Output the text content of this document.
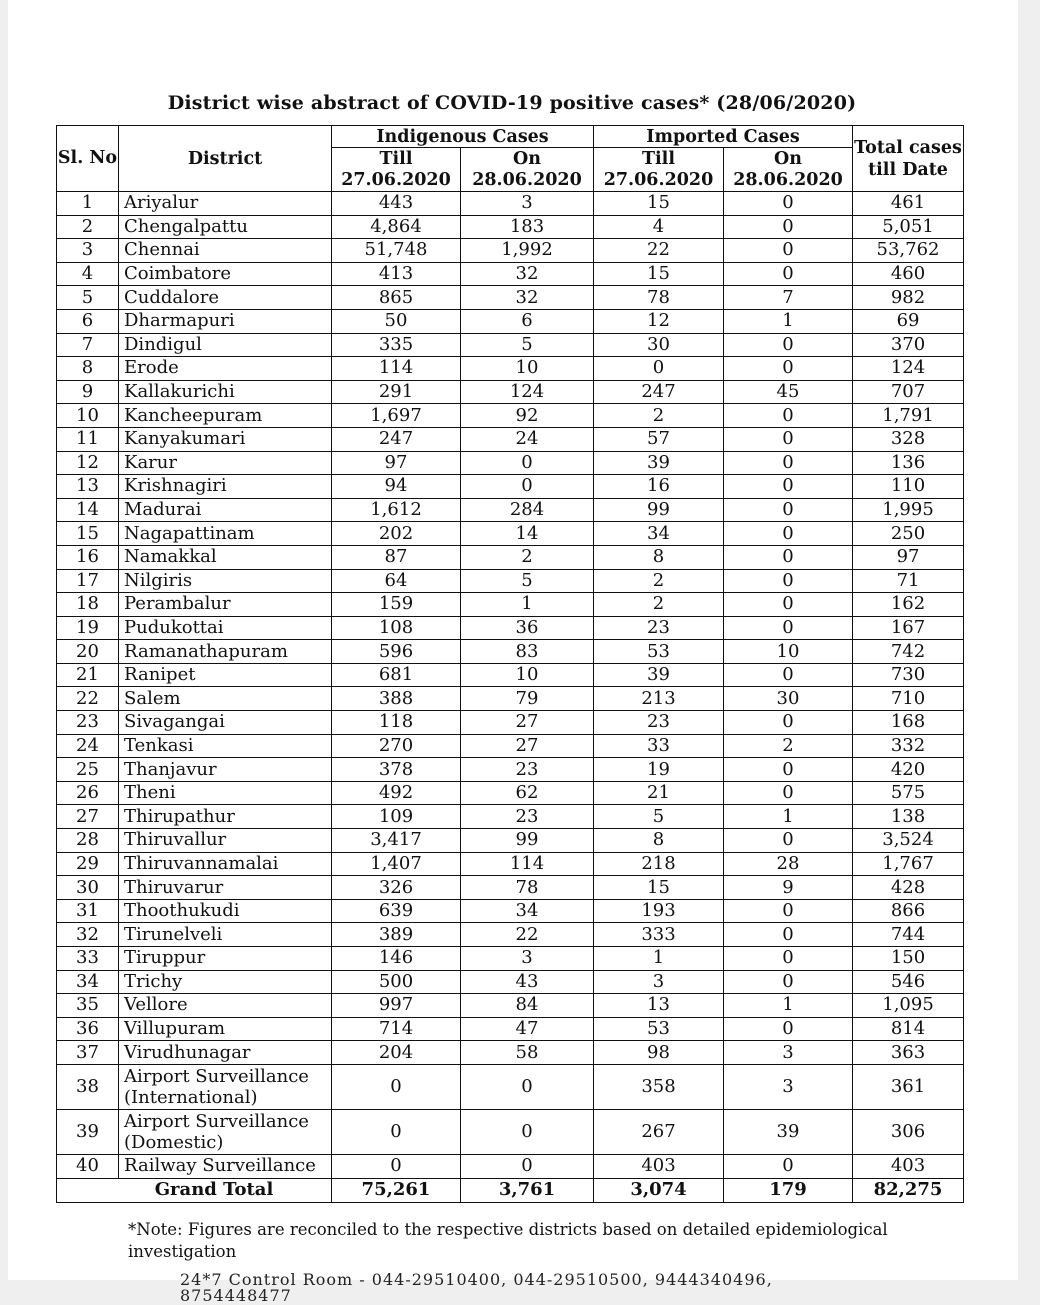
District wise abstract of COVID-19 positive cases* (28/06/2020)
Sl. No	District	Indigenous Cases		Imported Cases		Total cases till Date
		Till	On	Till	On	
		27.06.2020	28.06.2020	27.06.2020	28.06.2020	
1	Ariyalur	443	3	15	0	461
2	Chengalpattu	4,864	183	4	0	5,051
3	Chennai	51,748	1,992	22	0	53,762
4	Coimbatore	413	32	15	0	460
5	Cuddalore	865	32	78	7	982
6	Dharmapuri	50	6	12	1	69
7	Dindigul	335	5	30	0	370
8	Erode	114	10	0	0	124
9	Kallakurichi	291	124	247	45	707
10	Kancheepuram	1,697	92	2	0	1,791
11	Kanyakumari	247	24	57	0	328
12	Karur	97	0	39	0	136
13	Krishnagiri	94	0	16	0	110
14	Madurai	1,612	284	99	0	1,995
15	Nagapattinam	202	14	34	0	250
16	Namakkal	87	2	8	0	97
17	Nilgiris	64	5	2	0	71
18	Perambalur	159	1	2	0	162
19	Pudukottai	108	36	23	0	167
20	Ramanathapuram	596	83	53	10	742
21	Ranipet	681	10	39	0	730
22	Salem	388	79	213	30	710
23	Sivagangai	118	27	23	0	168
24	Tenkasi	270	27	33	2	332
25	Thanjavur	378	23	19	0	420
26	Theni	492	62	21	0	575
27	Thirupathur	109	23	5	1	138
28	Thiruvallur	3,417	99	8	0	3,524
29	Thiruvannamalai	1,407	114	218	28	1,767
30	Thiruvarur	326	78	15	9	428
31	Thoothukudi	639	34	193	0	866
32	Tirunelveli	389	22	333	0	744
33	Tiruppur	146	3	1	0	150
34	Trichy	500	43	3	0	546
35	Vellore	997	84	13	1	1,095
36	Villupuram	714	47	53	0	814
37	Virudhunagar	204	58	98	3	363
38	Airport Surveillance (International)	0	0	358	3	361
39	Airport Surveillance (Domestic)	0	0	267	39	306
40	Railway Surveillance	0	0	403	0	403
Grand Total		75,261	3,761	3,074	179	82,275
*Note: Figures are reconciled to the respective districts based on detailed epidemiological investigation
24*7 Control Room - 044-29510400, 044-29510500, 9444340496, 8754448477
